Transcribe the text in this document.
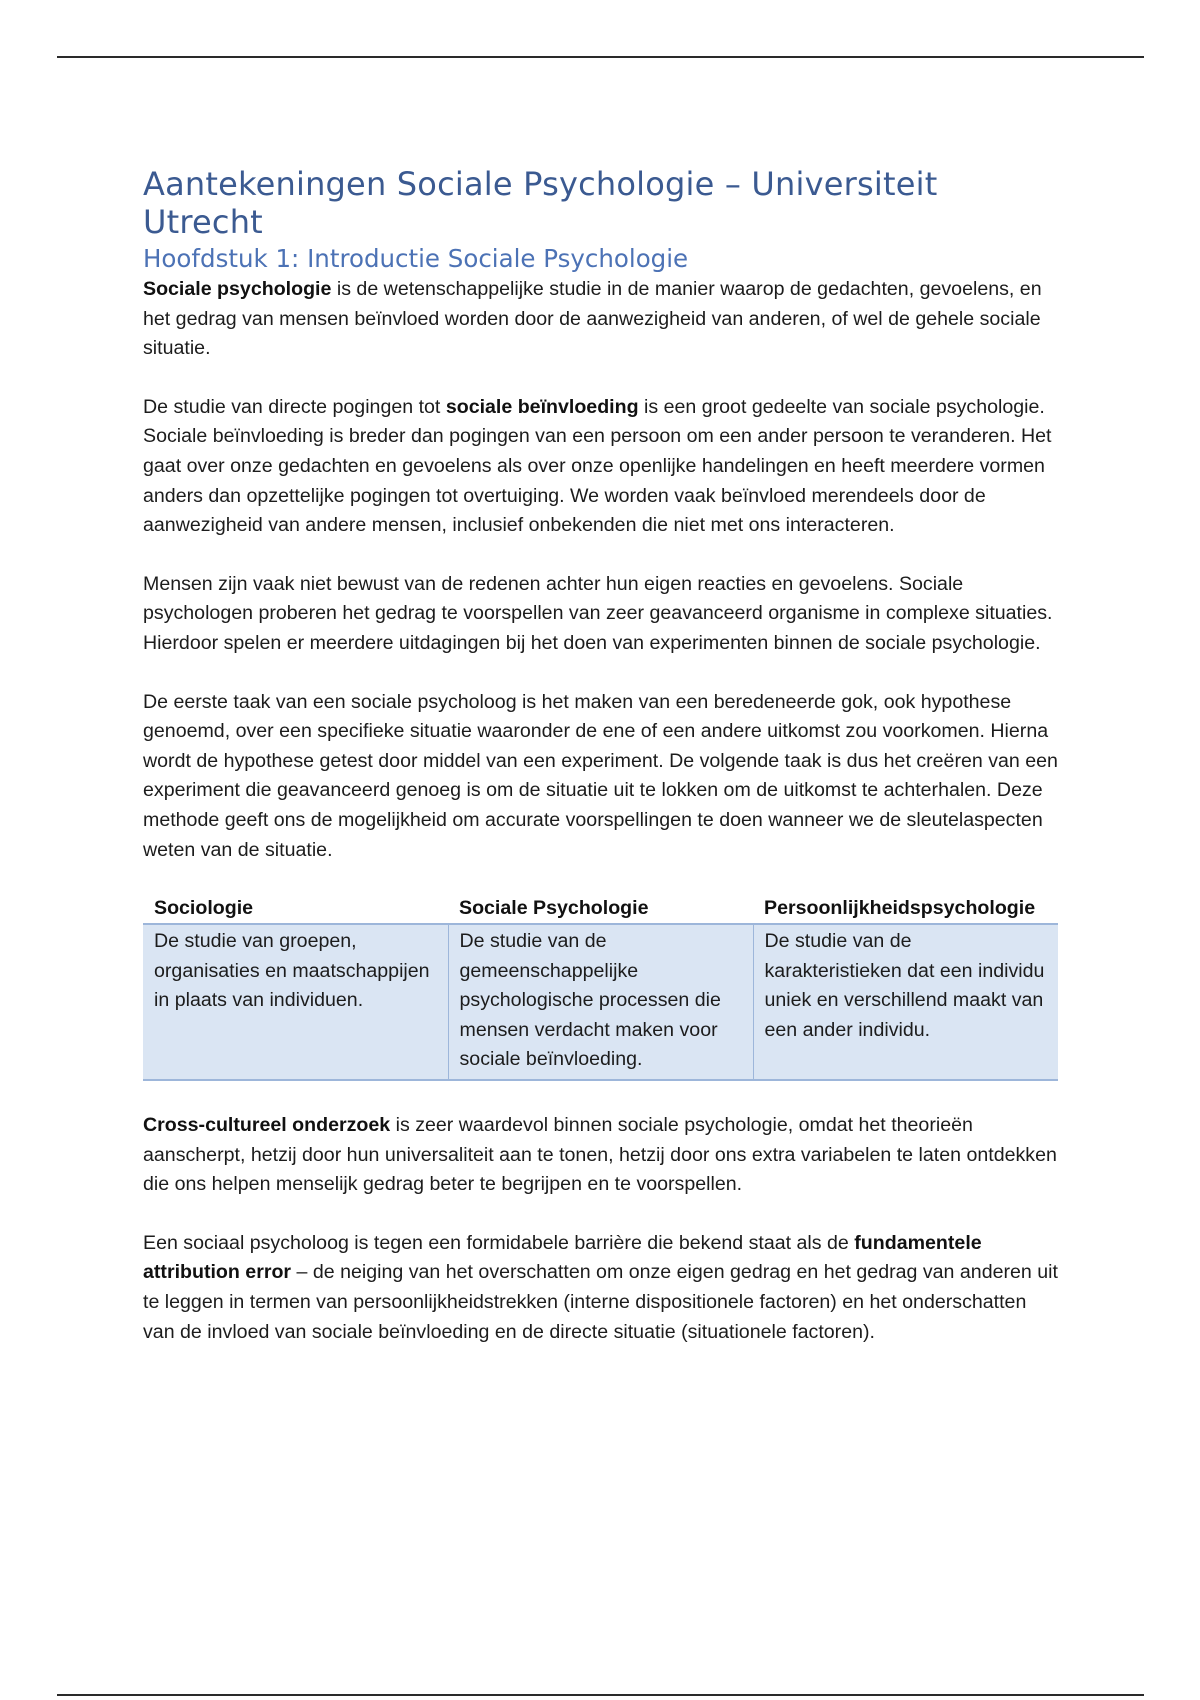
Aantekeningen Sociale Psychologie – Universiteit Utrecht
Hoofdstuk 1: Introductie Sociale Psychologie

Sociale psychologie is de wetenschappelijke studie in de manier waarop de gedachten, gevoelens, en het gedrag van mensen beïnvloed worden door de aanwezigheid van anderen, of wel de gehele sociale situatie.

De studie van directe pogingen tot sociale beïnvloeding is een groot gedeelte van sociale psychologie. Sociale beïnvloeding is breder dan pogingen van een persoon om een ander persoon te veranderen. Het gaat over onze gedachten en gevoelens als over onze openlijke handelingen en heeft meerdere vormen anders dan opzettelijke pogingen tot overtuiging. We worden vaak beïnvloed merendeels door de aanwezigheid van andere mensen, inclusief onbekenden die niet met ons interacteren.

Mensen zijn vaak niet bewust van de redenen achter hun eigen reacties en gevoelens. Sociale psychologen proberen het gedrag te voorspellen van zeer geavanceerd organisme in complexe situaties. Hierdoor spelen er meerdere uitdagingen bij het doen van experimenten binnen de sociale psychologie.

De eerste taak van een sociale psycholoog is het maken van een beredeneerde gok, ook hypothese genoemd, over een specifieke situatie waaronder de ene of een andere uitkomst zou voorkomen. Hierna wordt de hypothese getest door middel van een experiment. De volgende taak is dus het creëren van een experiment die geavanceerd genoeg is om de situatie uit te lokken om de uitkomst te achterhalen. Deze methode geeft ons de mogelijkheid om accurate voorspellingen te doen wanneer we de sleutelaspecten weten van de situatie.

Sociologie	Sociale Psychologie	Persoonlijkheidspsychologie
De studie van groepen, organisaties en maatschappijen in plaats van individuen.	De studie van de gemeenschappelijke psychologische processen die mensen verdacht maken voor sociale beïnvloeding.	De studie van de karakteristieken dat een individu uniek en verschillend maakt van een ander individu.

Cross-cultureel onderzoek is zeer waardevol binnen sociale psychologie, omdat het theorieën aanscherpt, hetzij door hun universaliteit aan te tonen, hetzij door ons extra variabelen te laten ontdekken die ons helpen menselijk gedrag beter te begrijpen en te voorspellen.

Een sociaal psycholoog is tegen een formidabele barrière die bekend staat als de fundamentele attribution error – de neiging van het overschatten om onze eigen gedrag en het gedrag van anderen uit te leggen in termen van persoonlijkheidstrekken (interne dispositionele factoren) en het onderschatten van de invloed van sociale beïnvloeding en de directe situatie (situationele factoren).
